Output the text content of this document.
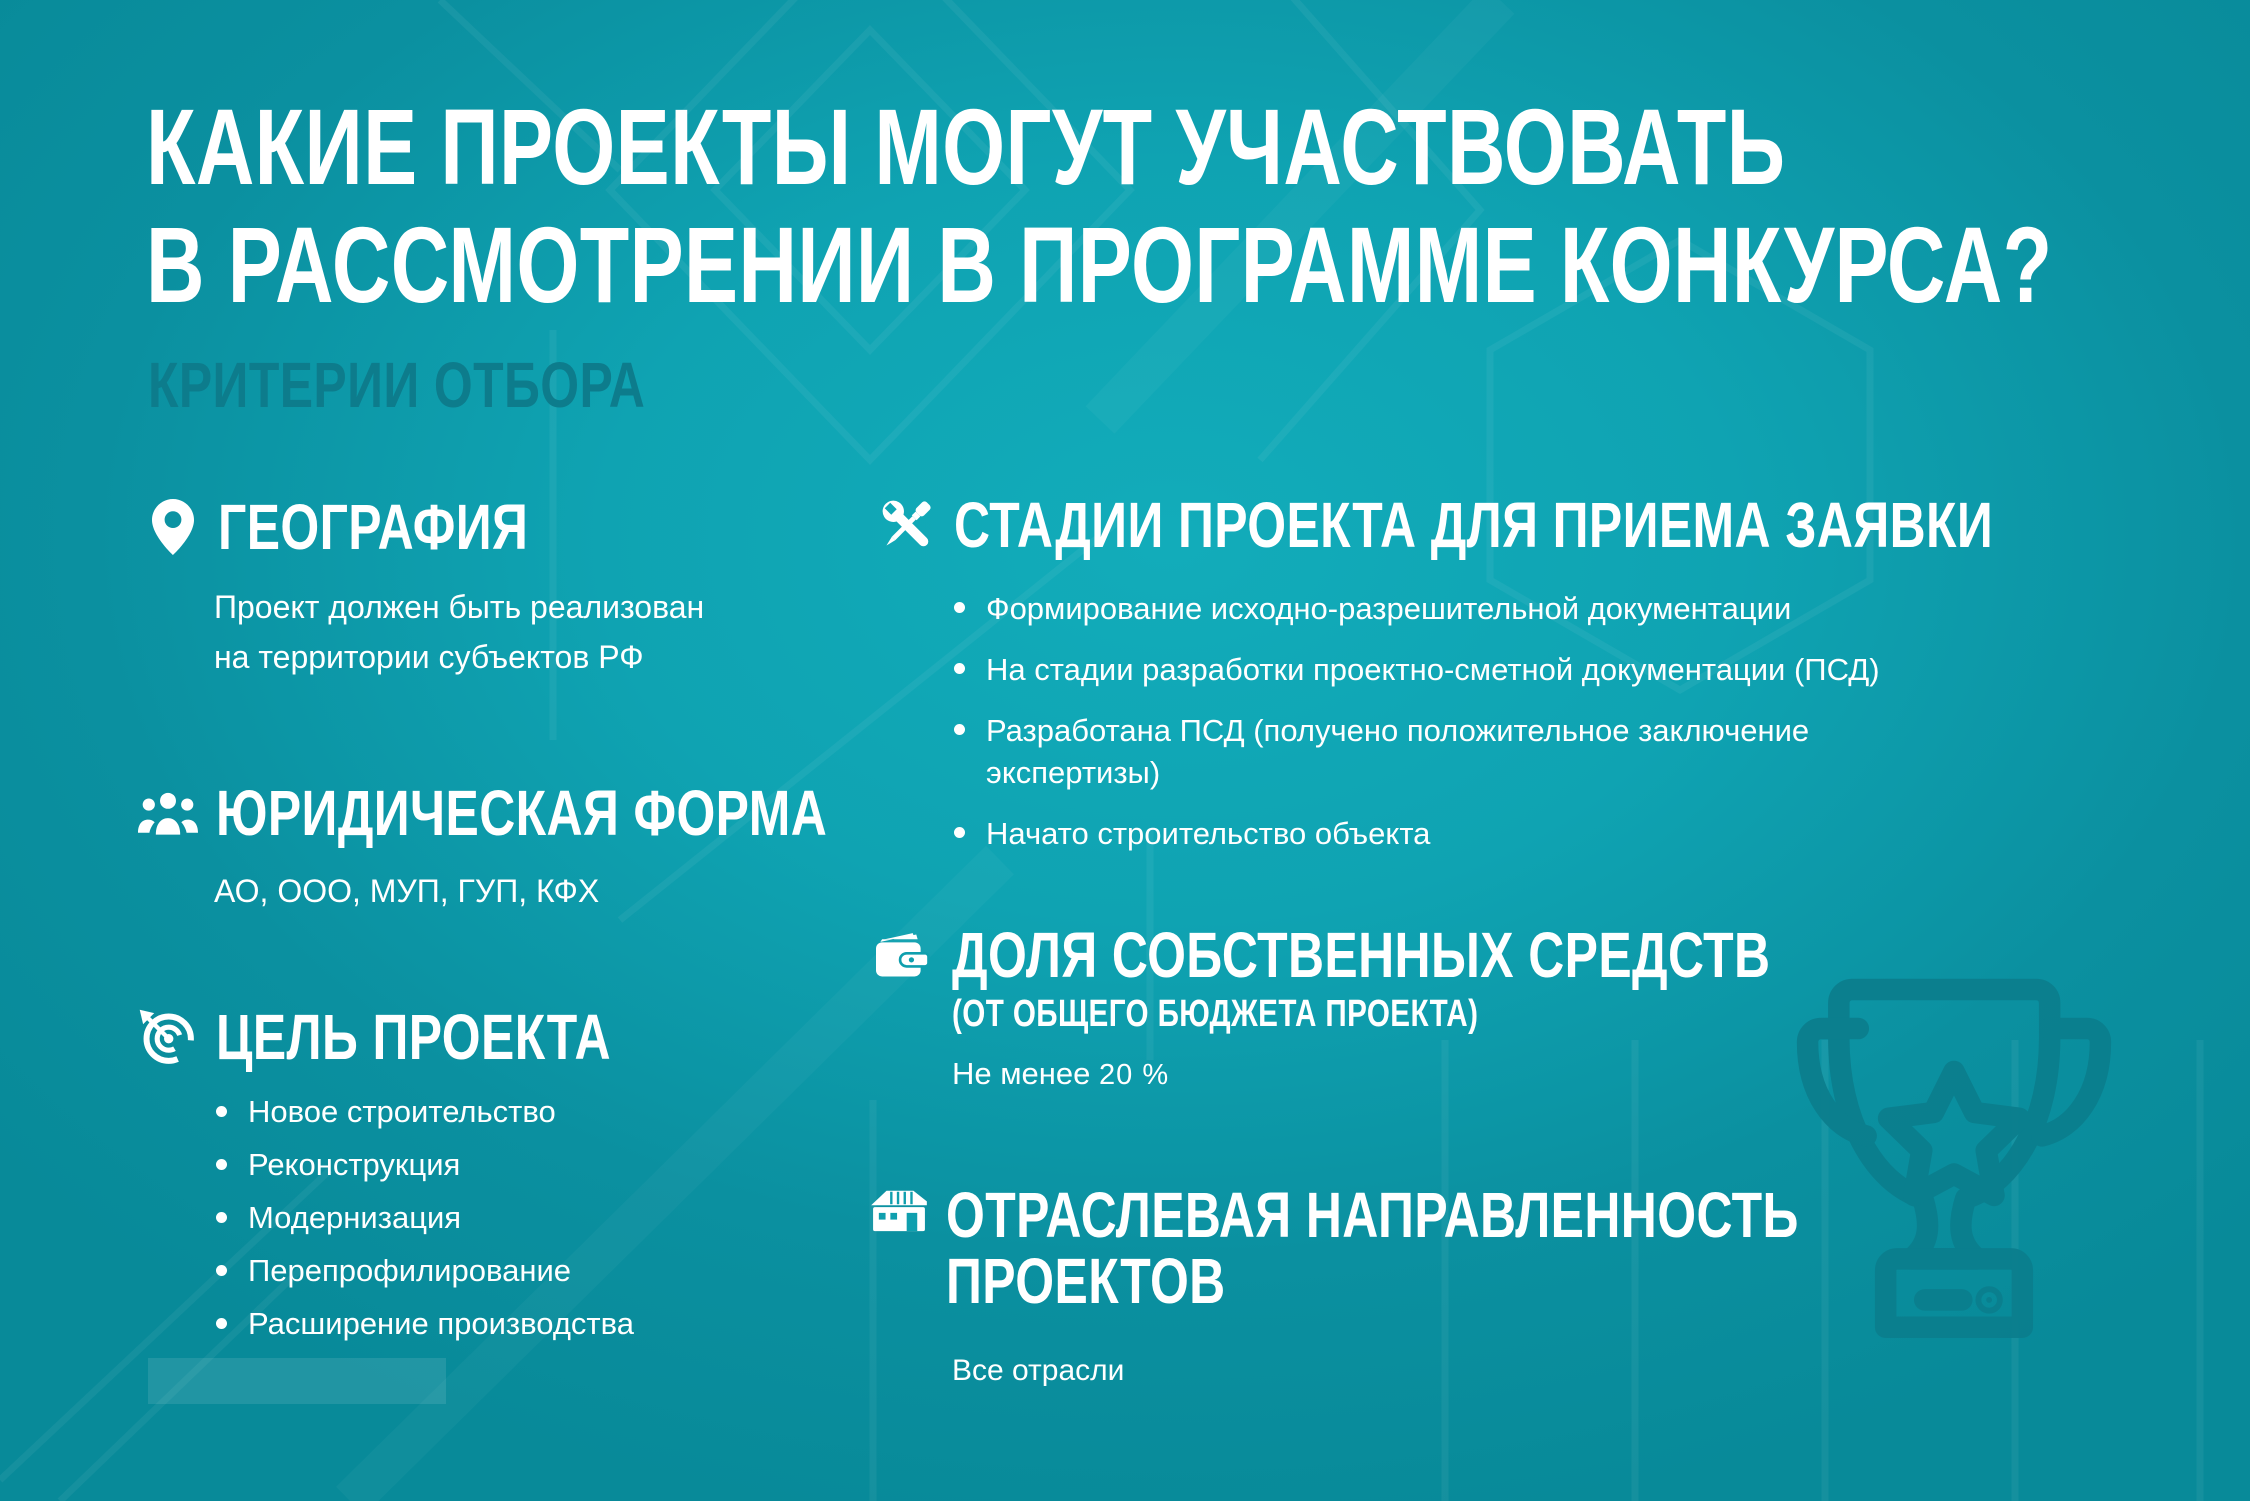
КАКИЕ ПРОЕКТЫ МОГУТ УЧАСТВОВАТЬ
В РАССМОТРЕНИИ В ПРОГРАММЕ КОНКУРСА?
КРИТЕРИИ ОТБОРА
ГЕОГРАФИЯ
Проект должен быть реализован
на территории субъектов РФ
ЮРИДИЧЕСКАЯ ФОРМА
АО, ООО, МУП, ГУП, КФХ
ЦЕЛЬ ПРОЕКТА
Новое строительство
Реконструкция
Модернизация
Перепрофилирование
Расширение производства
СТАДИИ ПРОЕКТА ДЛЯ ПРИЕМА ЗАЯВКИ
Формирование исходно-разрешительной документации
На стадии разработки проектно-сметной документации (ПСД)
Разработана ПСД (получено положительное заключение экспертизы)
Начато строительство объекта
ДОЛЯ СОБСТВЕННЫХ СРЕДСТВ
(ОТ ОБЩЕГО БЮДЖЕТА ПРОЕКТА)
Не менее 20 %
ОТРАСЛЕВАЯ НАПРАВЛЕННОСТЬ
ПРОЕКТОВ
Все отрасли
